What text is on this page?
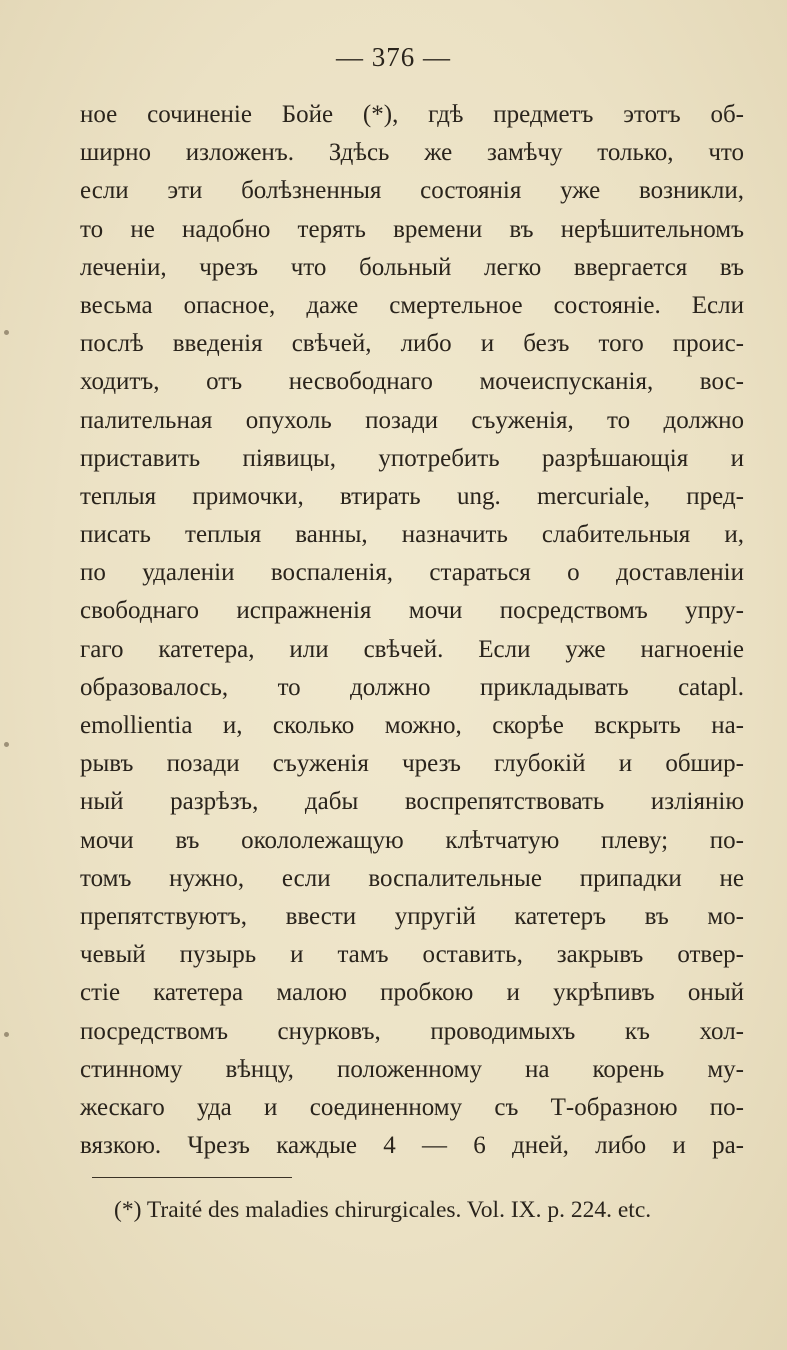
— 376 —
ное сочиненіе Бойе (*), гдѣ предметъ этотъ об-
ширно изложенъ. Здѣсь же замѣчу только, что
если эти болѣзненныя состоянія уже возникли,
то не надобно терять времени въ нерѣшительномъ
леченіи, чрезъ что больный легко ввергается въ
весьма опасное, даже смертельное состояніе. Если
послѣ введенія свѣчей, либо и безъ того проис-
ходитъ, отъ несвободнаго мочеиспусканія, вос-
палительная опухоль позади съуженія, то должно
приставить піявицы, употребить разрѣшающія и
теплыя примочки, втирать ung. mercuriale, пред-
писать теплыя ванны, назначить слабительныя и,
по удаленіи воспаленія, стараться о доставленіи
свободнаго испражненія мочи посредствомъ упру-
гаго катетера, или свѣчей. Если уже нагноеніе
образовалось, то должно прикладывать catapl.
emollientia и, сколько можно, скорѣе вскрыть на-
рывъ позади съуженія чрезъ глубокій и обшир-
ный разрѣзъ, дабы воспрепятствовать изліянію
мочи въ окололежащую клѣтчатую плеву; по-
томъ нужно, если воспалительные припадки не
препятствуютъ, ввести упругій катетеръ въ мо-
чевый пузырь и тамъ оставить, закрывъ отвер-
стіе катетера малою пробкою и укрѣпивъ оный
посредствомъ снурковъ, проводимыхъ къ хол-
стинному вѣнцу, положенному на корень му-
жескаго уда и соединенному съ Т-образною по-
вязкою. Чрезъ каждые 4 — 6 дней, либо и ра-
(*) Traité des maladies chirurgicales. Vol. IX. p. 224. etc.
